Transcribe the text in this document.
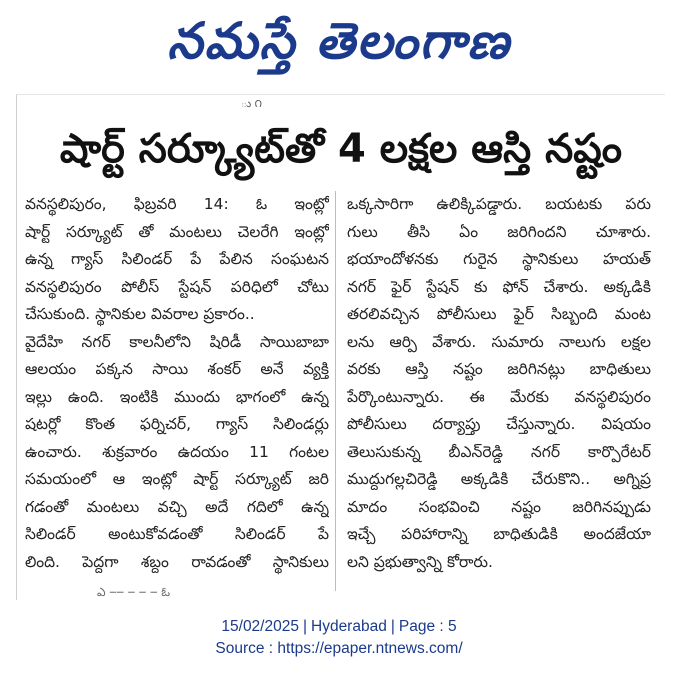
నమస్తే తెలంగాణ
ు ౧
షార్ట్ సర్క్యూట్‌తో 4 లక్షల ఆస్తి నష్టం
వనస్థలిపురం, ఫిబ్రవరి 14: ఓ ఇంట్లో
షార్ట్ సర్క్యూట్ తో మంటలు చెలరేగి ఇంట్లో
ఉన్న గ్యాస్ సిలిండర్ పే పేలిన సంఘటన
వనస్థలిపురం పోలీస్ స్టేషన్ పరిధిలో చోటు
చేసుకుంది. స్థానికుల వివరాల ప్రకారం..
వైదేహి నగర్ కాలనీలోని షిరిడీ సాయిబాబా
ఆలయం పక్కన సాయి శంకర్ అనే వ్యక్తి
ఇల్లు ఉంది. ఇంటికి ముందు భాగంలో ఉన్న
షటర్లో కొంత ఫర్నిచర్, గ్యాస్ సిలిండర్లు
ఉంచారు. శుక్రవారం ఉదయం 11 గంటల
సమయంలో ఆ ఇంట్లో షార్ట్ సర్క్యూట్ జరి
గడంతో మంటలు వచ్చి అదే గదిలో ఉన్న
సిలిండర్ అంటుకోవడంతో సిలిండర్ పే
లింది. పెద్దగా శబ్దం రావడంతో స్థానికులు
ఒక్కసారిగా ఉలిక్కిపడ్డారు. బయటకు పరు
గులు తీసి ఏం జరిగిందని చూశారు.
భయాందోళనకు గురైన స్థానికులు హయత్
నగర్ ఫైర్ స్టేషన్ కు ఫోన్ చేశారు. అక్కడికి
తరలివచ్చిన పోలీసులు ఫైర్ సిబ్బంది మంట
లను ఆర్పి వేశారు. సుమారు నాలుగు లక్షల
వరకు ఆస్తి నష్టం జరిగినట్లు బాధితులు
పేర్కొంటున్నారు. ఈ మేరకు వనస్థలిపురం
పోలీసులు దర్యాప్తు చేస్తున్నారు. విషయం
తెలుసుకున్న బీఎన్‌రెడ్డి నగర్ కార్పొరేటర్
ముద్దుగల్లచిరెడ్డి అక్కడికి చేరుకొని.. అగ్నిప్ర
మాదం సంభవించి నష్టం జరిగినప్పుడు
ఇచ్చే పరిహారాన్ని బాధితుడికి అందజేయా
లని ప్రభుత్వాన్ని కోరారు.
ఎ ౼౼ ౼ ౼ ౼ ఓ
15/02/2025 | Hyderabad | Page : 5
Source : https://epaper.ntnews.com/
